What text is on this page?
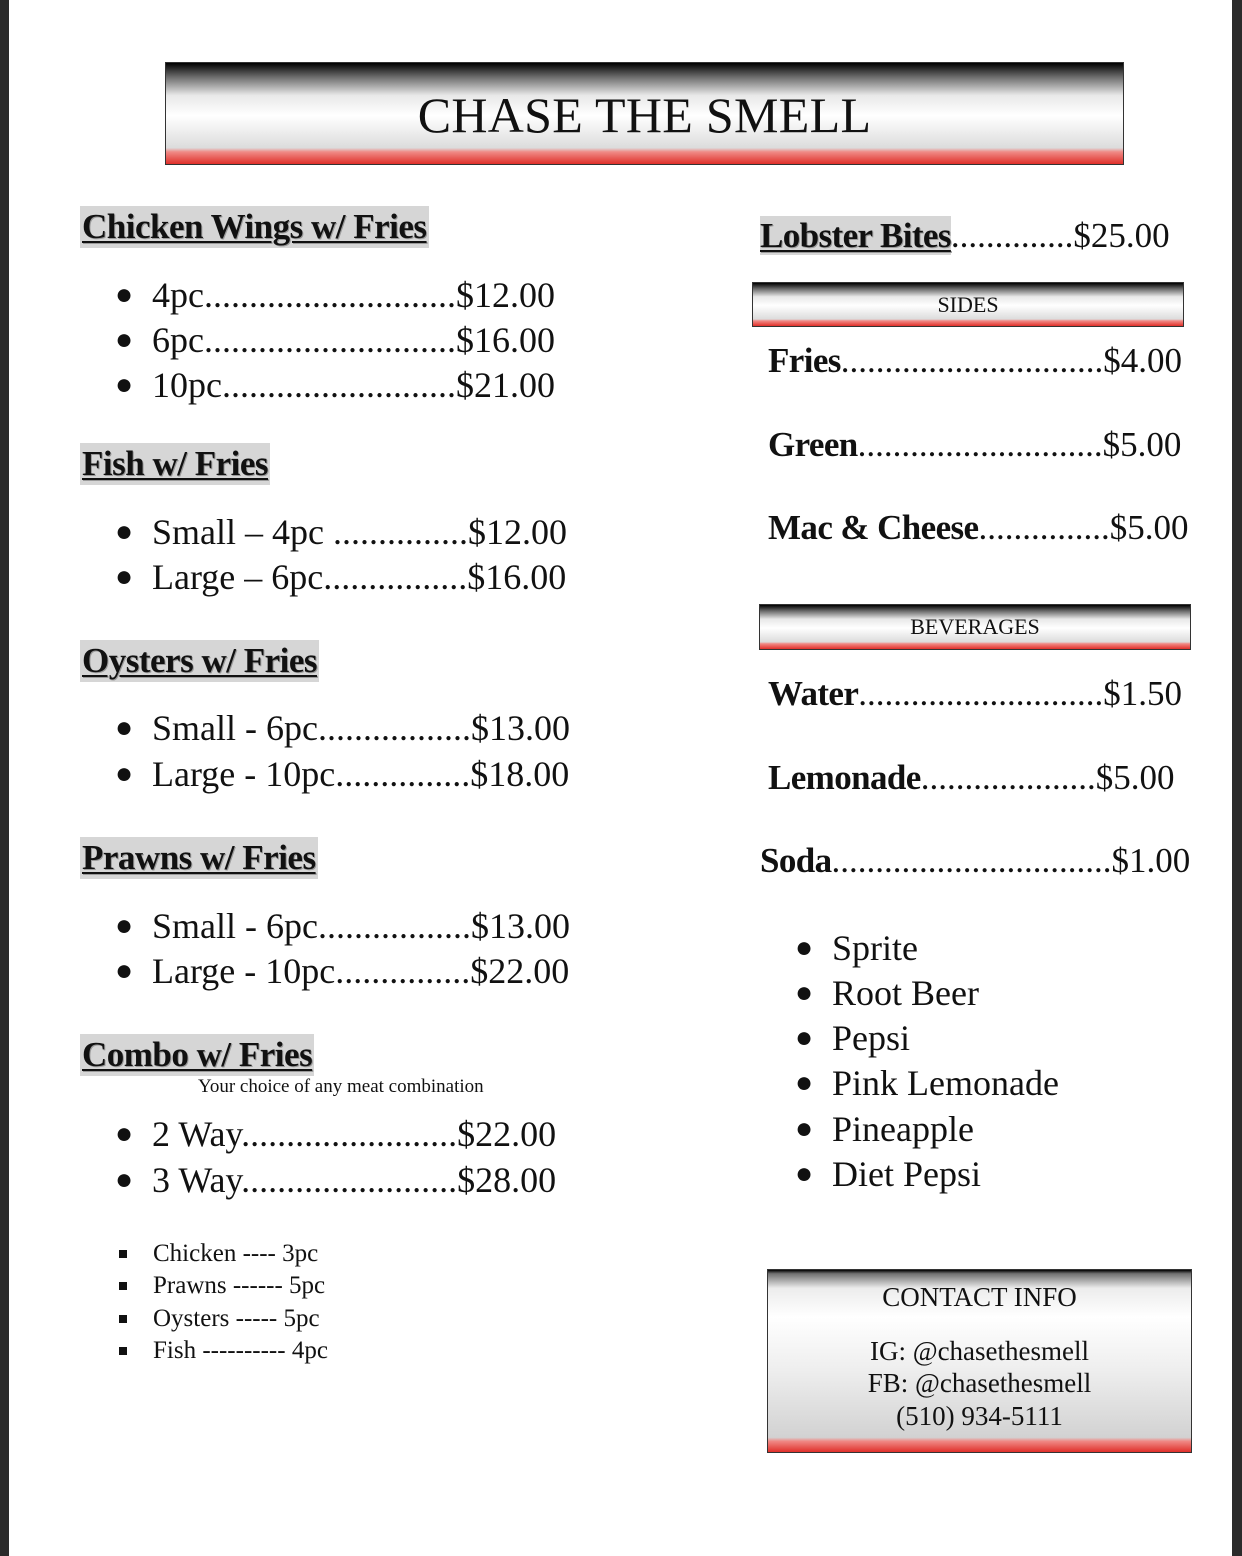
CHASE THE SMELL
Chicken Wings w/ Fries
● 4pc............................$12.00
● 6pc............................$16.00
● 10pc..........................$21.00
Fish w/ Fries
● Small – 4pc ...............$12.00
● Large – 6pc................$16.00
Oysters w/ Fries
● Small - 6pc.................$13.00
● Large - 10pc...............$18.00
Prawns w/ Fries
● Small - 6pc.................$13.00
● Large - 10pc...............$22.00
Combo w/ Fries
Your choice of any meat combination
● 2 Way........................$22.00
● 3 Way........................$28.00
Chicken ---- 3pc
Prawns ------ 5pc
Oysters ----- 5pc
Fish ---------- 4pc
Lobster Bites..............$25.00
SIDES
Fries..............................$4.00
Green............................$5.00
Mac & Cheese...............$5.00
BEVERAGES
Water............................$1.50
Lemonade....................$5.00
Soda................................$1.00
● Sprite
● Root Beer
● Pepsi
● Pink Lemonade
● Pineapple
● Diet Pepsi
CONTACT INFO
IG: @chasethesmell
FB: @chasethesmell
(510) 934-5111
